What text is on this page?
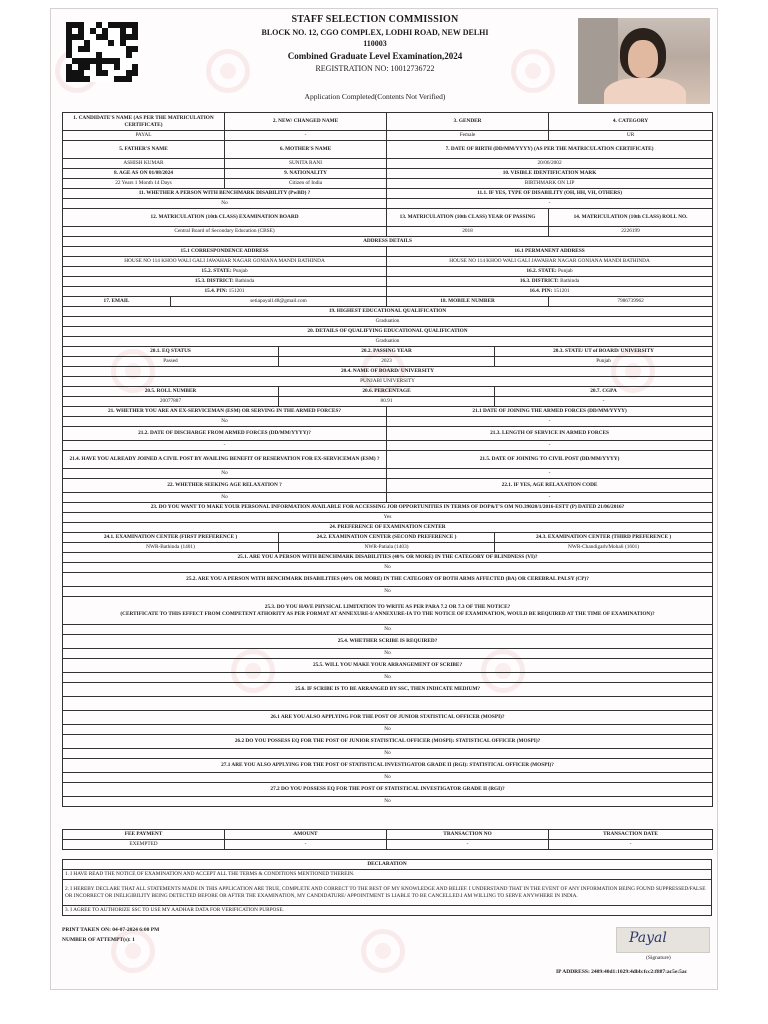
STAFF SELECTION COMMISSION
BLOCK NO. 12, CGO COMPLEX, LODHI ROAD, NEW DELHI
110003
Combined Graduate Level Examination,2024
REGISTRATION NO: 10012736722
Application Completed(Contents Not Verified)
1. CANDIDATE'S NAME (AS PER THE MATRICULATION CERTIFICATE)		2. NEW/ CHANGED NAME		3. GENDER		4. CATEGORY
PAYAL		-		Female		UR
5. FATHER'S NAME		6. MOTHER'S NAME		7. DATE OF BIRTH (DD/MM/YYYY) (AS PER THE MATRICULATION CERTIFICATE)		
ASHISH KUMAR		SUNITA RANI		20/06/2002		
8. AGE AS ON 01/08/2024		9. NATIONALITY		10. VISIBLE IDENTIFICATION MARK		
22 Years 1 Month 14 Days		Citizen of India		BIRTHMARK ON LIP		
11. WHETHER A PERSON WITH BENCHMARK DISABILITY (PwBD) ?				11.1. IF YES, TYPE OF DISABILITY (OH, HH, VH, OTHERS)		
No				-		
12. MATRICULATION (10th CLASS) EXAMINATION BOARD				13. MATRICULATION (10th CLASS) YEAR OF PASSING		14. MATRICULATION (10th CLASS) ROLL NO.
Central Board of Secondary Education (CBSE)				2018		2226199
ADDRESS DETAILS						
15.1 CORRESPONDENCE ADDRESS				16.1 PERMANENT ADDRESS		
HOUSE NO 114 KHOO WALI GALI JAWAHAR NAGAR GONIANA MANDI BATHINDA				HOUSE NO 114 KHOO WALI GALI JAWAHAR NAGAR GONIANA MANDI BATHINDA		
15.2. STATE: Punjab				16.2. STATE: Punjab		
15.3. DISTRICT: Bathinda				16.3. DISTRICT: Bathinda		
15.4. PIN: 151201				16.4. PIN: 151201		
17. EMAIL	setiapayal148@gmail.com			18. MOBILE NUMBER		7986739962
19. HIGHEST EDUCATIONAL QUALIFICATION						
Graduation						
20. DETAILS OF QUALIFYING EDUCATIONAL QUALIFICATION						
Graduation						
20.1. EQ STATUS			20.2. PASSING YEAR		20.3. STATE/ UT of BOARD/ UNIVERSITY	
Passed			2023		Punjab	
20.4. NAME OF BOARD/ UNIVERSITY						
PUNJABI UNIVERSITY						
20.5. ROLL NUMBER			20.6. PERCENTAGE		20.7. CGPA	
20077887			80.91		-	
21. WHETHER YOU ARE AN EX-SERVICEMAN (ESM) OR SERVING IN THE ARMED FORCES?				21.1 DATE OF JOINING THE ARMED FORCES (DD/MM/YYYY)		
No				-		
21.2. DATE OF DISCHARGE FROM ARMED FORCES (DD/MM/YYYY)?				21.3. LENGTH OF SERVICE IN ARMED FORCES		
-				-		
21.4. HAVE YOU ALREADY JOINED A CIVIL POST BY AVAILING BENEFIT OF RESERVATION FOR EX-SERVICEMAN (ESM) ?				21.5. DATE OF JOINING TO CIVIL POST (DD/MM/YYYY)		
No				-		
22. WHETHER SEEKING AGE RELAXATION ?				22.1. IF YES, AGE RELAXATION CODE		
No				-		
23. DO YOU WANT TO MAKE YOUR PERSONAL INFORMATION AVAILABLE FOR ACCESSING JOB OPPORTUNITIES IN TERMS OF DOP&T'S OM NO.39020/1/2016-ESTT (P) DATED 21/06/2016?						
Yes						
24. PREFERENCE OF EXAMINATION CENTER						
24.1. EXAMINATION CENTER (FIRST PREFERENCE )			24.2. EXAMINATION CENTER (SECOND PREFERENCE )		24.3. EXAMINATION CENTER (THIRD PREFERENCE )	
NWR-Bathinda (1401)			NWR-Patiala (1403)		NWR-Chandigarh/Mohali (1601)	
25.1. ARE YOU A PERSON WITH BENCHMARK DISABILITIES (40% OR MORE) IN THE CATEGORY OF BLINDNESS (VI)?						
No						
25.2. ARE YOU A PERSON WITH BENCHMARK DISABILITIES (40% OR MORE) IN THE CATEGORY OF BOTH ARMS AFFECTED (BA) OR CEREBRAL PALSY (CP)?						
No						

25.3. DO YOU HAVE PHYSICAL LIMITATION TO WRITE AS PER PARA 7.2 OR 7.3 OF THE NOTICE?
(CERTIFICATE TO THIS EFFECT FROM COMPETENT ATHORITY AS PER FORMAT AT ANNEXURE-I/ ANNEXURE-IA TO THE NOTICE OF EXAMINATION, WOULD BE REQUIRED AT THE TIME OF EXAMINATION)?						

No						
25.4. WHETHER SCRIBE IS REQUIRED?						
No						
25.5. WILL YOU MAKE YOUR ARRANGEMENT OF SCRIBE?						
No						
25.6. IF SCRIBE IS TO BE ARRANGED BY SSC, THEN INDICATE MEDIUM?						

26.1 ARE YOU ALSO APPLYING FOR THE POST OF JUNIOR STATISTICAL OFFICER (MOSPI)?						
No						
26.2 DO YOU POSSESS EQ FOR THE POST OF JUNIOR STATISTICAL OFFICER (MOSPI): STATISTICAL OFFICER (MOSPI)?						
No						
27.1 ARE YOU ALSO APPLYING FOR THE POST OF STATISTICAL INVESTIGATOR GRADE II (RGI): STATISTICAL OFFICER (MOSPI)?						
No						
27.2 DO YOU POSSESS EQ FOR THE POST OF STATISTICAL INVESTIGATOR GRADE II (RGI)?						
No						
FEE PAYMENT	AMOUNT	TRANSACTION NO	TRANSACTION DATE
EXEMPTED	-	-	-
DECLARATION
1. I HAVE READ THE NOTICE OF EXAMINATION AND ACCEPT ALL THE TERMS & CONDITIONS MENTIONED THEREIN.
2. I HEREBY DECLARE THAT ALL STATEMENTS MADE IN THIS APPLICATION ARE TRUE, COMPLETE AND CORRECT TO THE BEST OF MY KNOWLEDGE AND BELIEF. I UNDERSTAND THAT IN THE EVENT OF ANY INFORMATION BEING FOUND SUPPRESSED/FALSE OR INCORRECT OR INELIGIBILITY BEING DETECTED BEFORE OR AFTER THE EXAMINATION, MY CANDIDATURE/ APPOINTMENT IS LIABLE TO BE CANCELLED.I AM WILLING TO SERVE ANYWHERE IN INDIA.
3. I AGREE TO AUTHORIZE SSC TO USE MY AADHAR DATA FOR VERIFICATION PURPOSE.
PRINT TAKEN ON: 04-07-2024 6:00 PM
NUMBER OF ATTEMPT(s): 1	Payal
(Signature)
IP ADDRESS: 2409:40d1:1029:4dbb:fcc2:f887:ac5e:5ac
